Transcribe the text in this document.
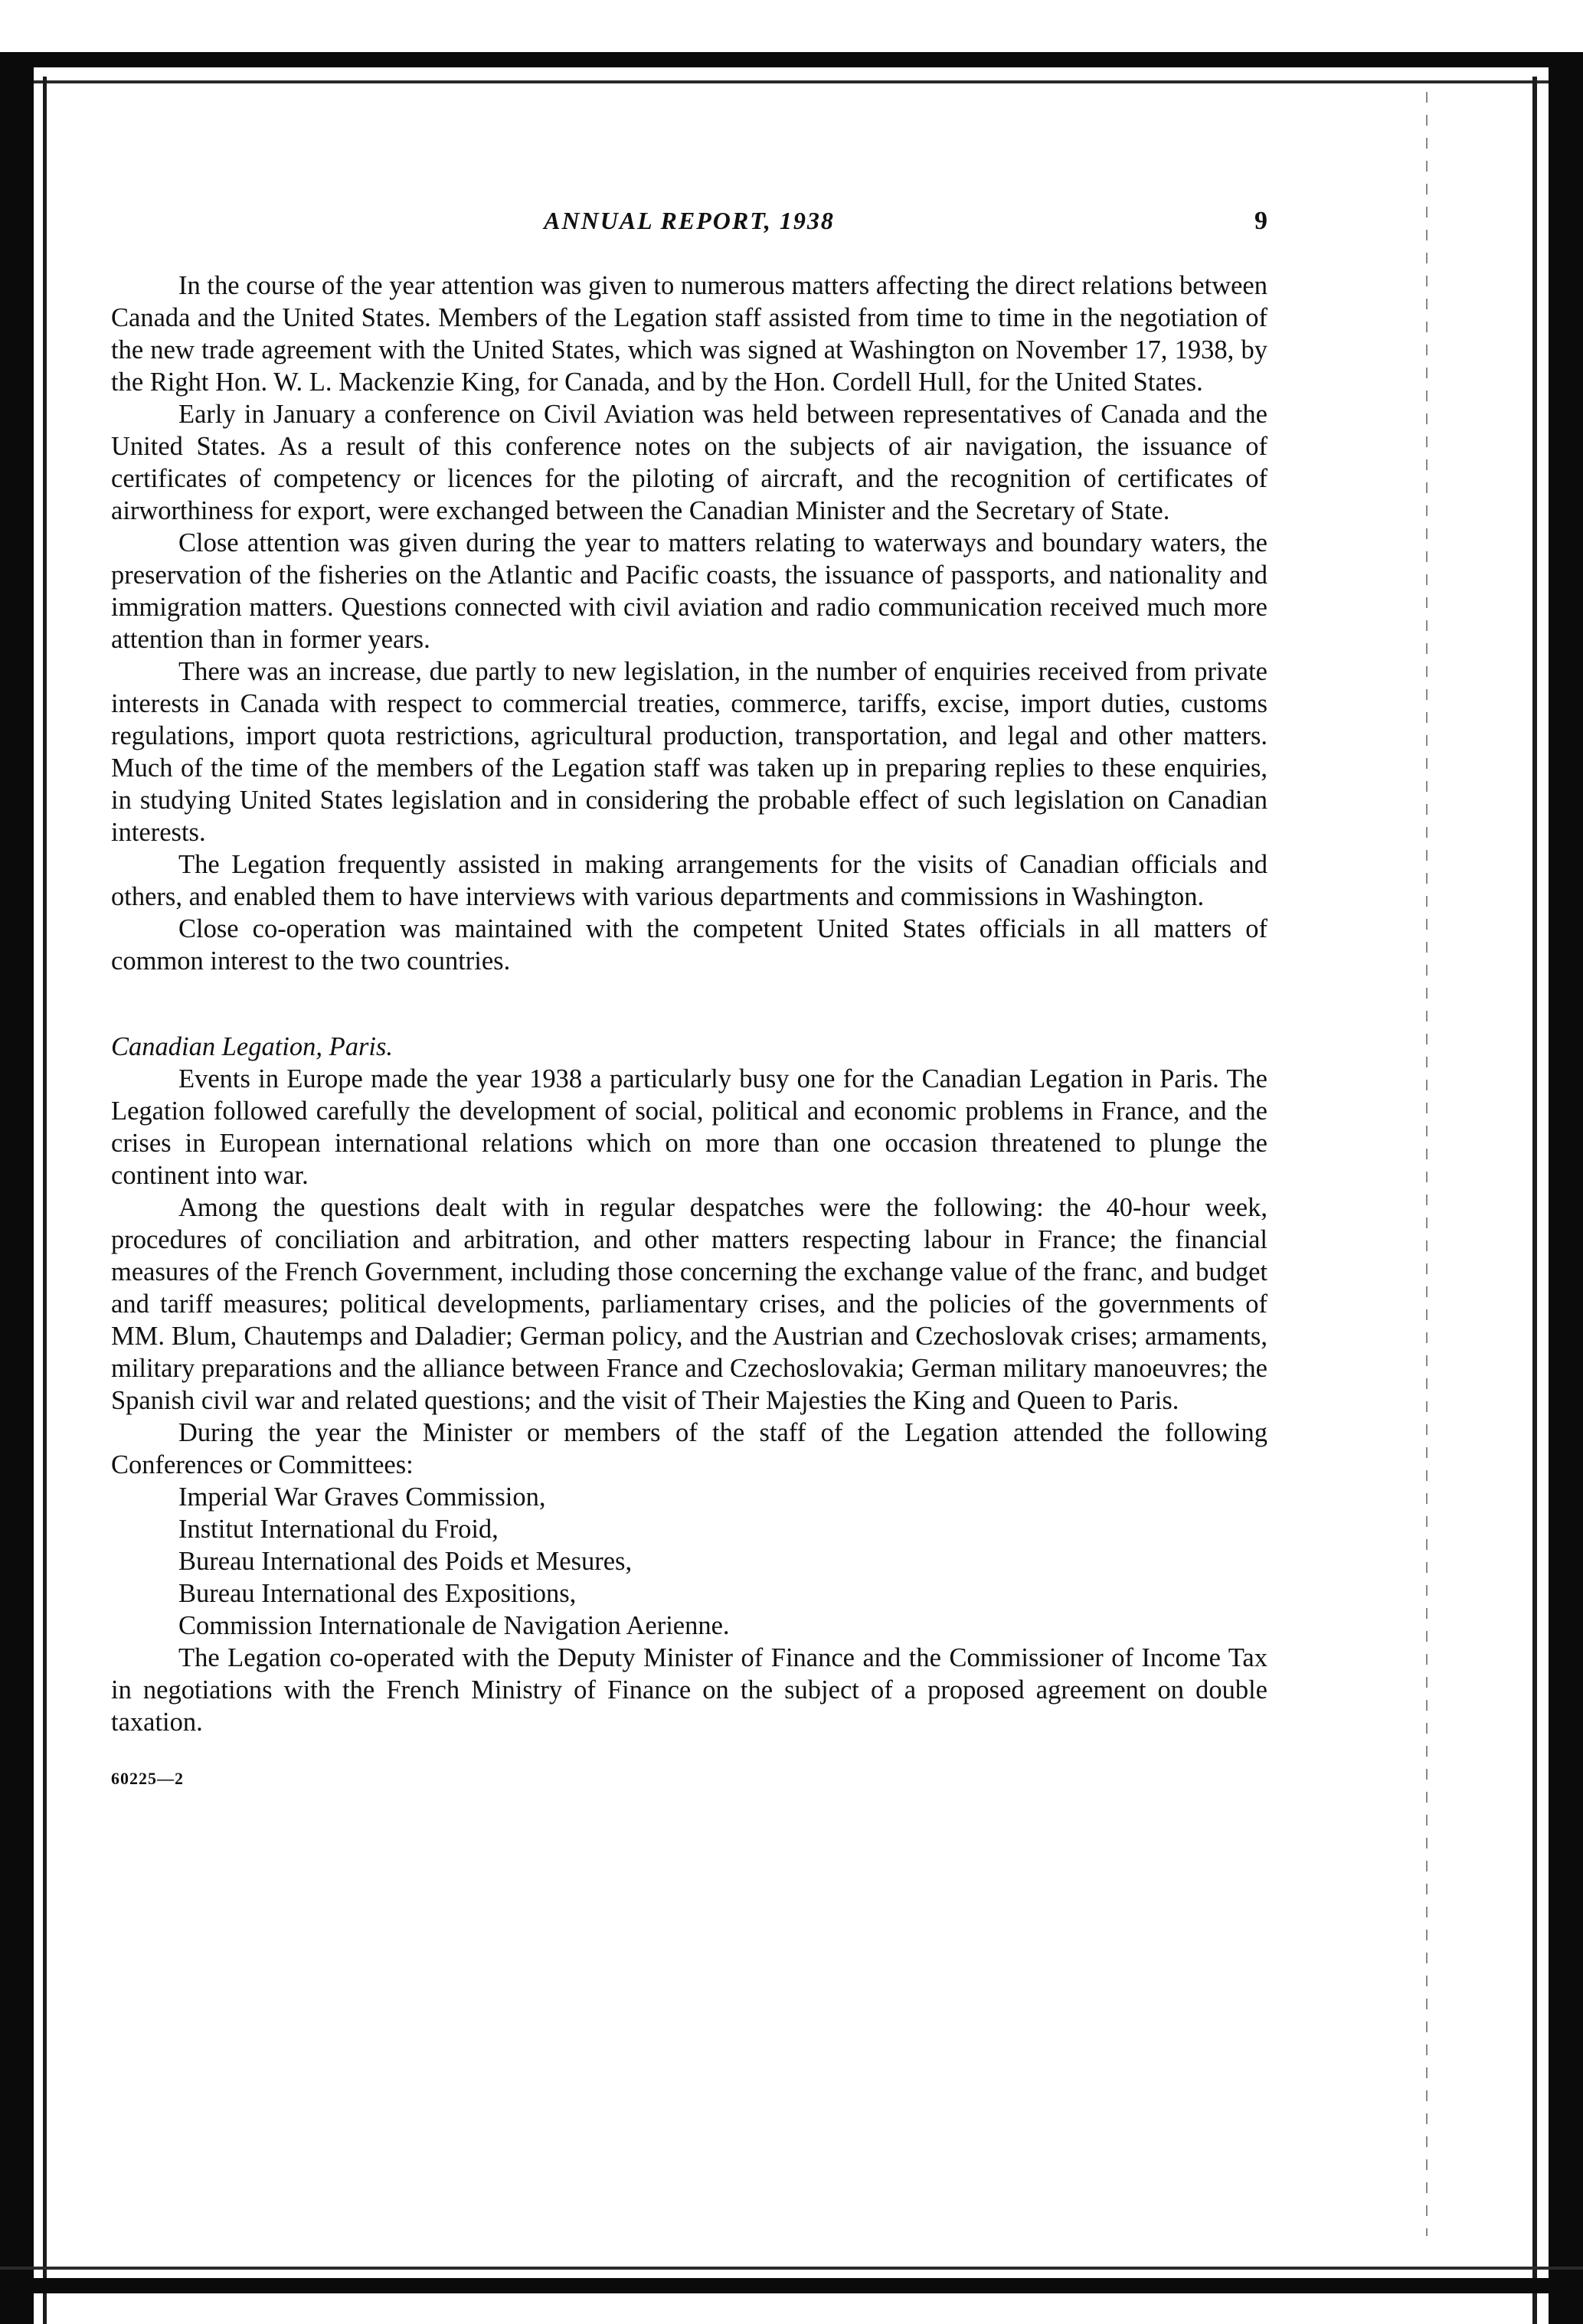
ANNUAL REPORT, 1938	9

In the course of the year attention was given to numerous matters affecting the direct relations between Canada and the United States. Members of the Legation staff assisted from time to time in the negotiation of the new trade agreement with the United States, which was signed at Washington on November 17, 1938, by the Right Hon. W. L. Mackenzie King, for Canada, and by the Hon. Cordell Hull, for the United States.

Early in January a conference on Civil Aviation was held between representatives of Canada and the United States. As a result of this conference notes on the subjects of air navigation, the issuance of certificates of competency or licences for the piloting of aircraft, and the recognition of certificates of airworthiness for export, were exchanged between the Canadian Minister and the Secretary of State.

Close attention was given during the year to matters relating to waterways and boundary waters, the preservation of the fisheries on the Atlantic and Pacific coasts, the issuance of passports, and nationality and immigration matters. Questions connected with civil aviation and radio communication received much more attention than in former years.

There was an increase, due partly to new legislation, in the number of enquiries received from private interests in Canada with respect to commercial treaties, commerce, tariffs, excise, import duties, customs regulations, import quota restrictions, agricultural production, transportation, and legal and other matters. Much of the time of the members of the Legation staff was taken up in preparing replies to these enquiries, in studying United States legislation and in considering the probable effect of such legislation on Canadian interests.

The Legation frequently assisted in making arrangements for the visits of Canadian officials and others, and enabled them to have interviews with various departments and commissions in Washington.

Close co-operation was maintained with the competent United States officials in all matters of common interest to the two countries.

Canadian Legation, Paris.

Events in Europe made the year 1938 a particularly busy one for the Canadian Legation in Paris. The Legation followed carefully the development of social, political and economic problems in France, and the crises in European international relations which on more than one occasion threatened to plunge the continent into war.

Among the questions dealt with in regular despatches were the following: the 40-hour week, procedures of conciliation and arbitration, and other matters respecting labour in France; the financial measures of the French Government, including those concerning the exchange value of the franc, and budget and tariff measures; political developments, parliamentary crises, and the policies of the governments of MM. Blum, Chautemps and Daladier; German policy, and the Austrian and Czechoslovak crises; armaments, military preparations and the alliance between France and Czechoslovakia; German military manoeuvres; the Spanish civil war and related questions; and the visit of Their Majesties the King and Queen to Paris.

During the year the Minister or members of the staff of the Legation attended the following Conferences or Committees:

Imperial War Graves Commission,
Institut International du Froid,
Bureau International des Poids et Mesures,
Bureau International des Expositions,
Commission Internationale de Navigation Aerienne.

The Legation co-operated with the Deputy Minister of Finance and the Commissioner of Income Tax in negotiations with the French Ministry of Finance on the subject of a proposed agreement on double taxation.

60225—2
